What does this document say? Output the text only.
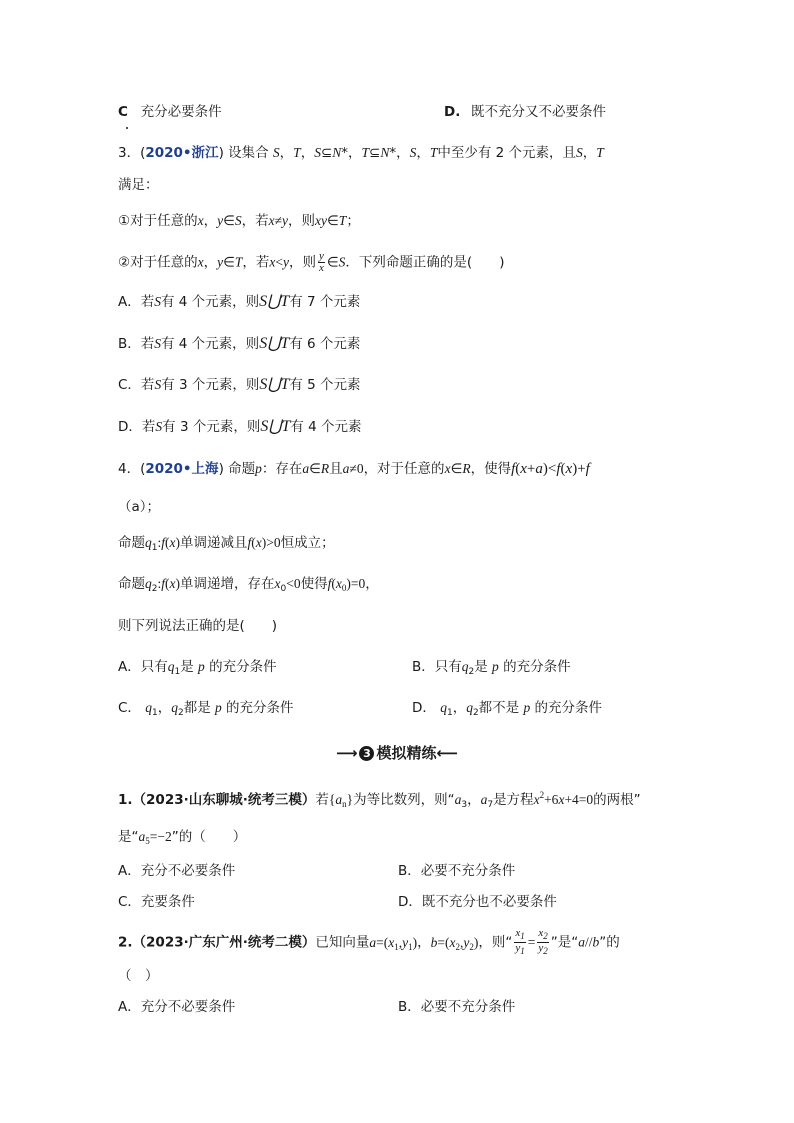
C 充分必要条件	D. 既不充分又不必要条件
3．(2020•浙江) 设集合 S，T，S⊆N*，T⊆N*，S，T中至少有 2 个元素，且S，T
满足：
①对于任意的x，y∈S，若x≠y，则xy∈T；
②对于任意的x，y∈T，若x<y，则 $\frac{y}{x}$ ∈S．下列命题正确的是(　　)
A．若S有 4 个元素，则S⋃T有 7 个元素
B．若S有 4 个元素，则S⋃T有 6 个元素
C．若S有 3 个元素，则S⋃T有 5 个元素
D．若S有 3 个元素，则S⋃T有 4 个元素
4．(2020•上海) 命题p：存在a∈R且a≠0，对于任意的x∈R，使得f(x+a)<f(x)+f
（a）；
命题$q_1:f(x)$单调递减且f(x)>0恒成立；
命题$q_2:f(x)$单调递增，存在$x_0<0$使得$f(x_0)=0$，
则下列说法正确的是(　　)
A．只有$q_1$是 p 的充分条件	B．只有$q_2$是 p 的充分条件
C． $q_1$，$q_2$都是 p 的充分条件	D． $q_1$，$q_2$都不是 p 的充分条件
⟶ 3 模拟精练⟵
1.（2023·山东聊城·统考三模）若$\{a_n\}$为等比数列，则“$a_3$，$a_7$是方程$x^2+6x+4=0$的两根”
是“$a_5=-2$”的（　　）
A．充分不必要条件	B．必要不充分条件
C．充要条件	D．既不充分也不必要条件
2.（2023·广东广州·统考二模）已知向量$a=(x_1,y_1)$，$b=(x_2,y_2)$，则“ $\frac{x_1}{y_1} = \frac{x_2}{y_2}$ ”是“a//b”的
（　）
A．充分不必要条件	B．必要不充分条件
